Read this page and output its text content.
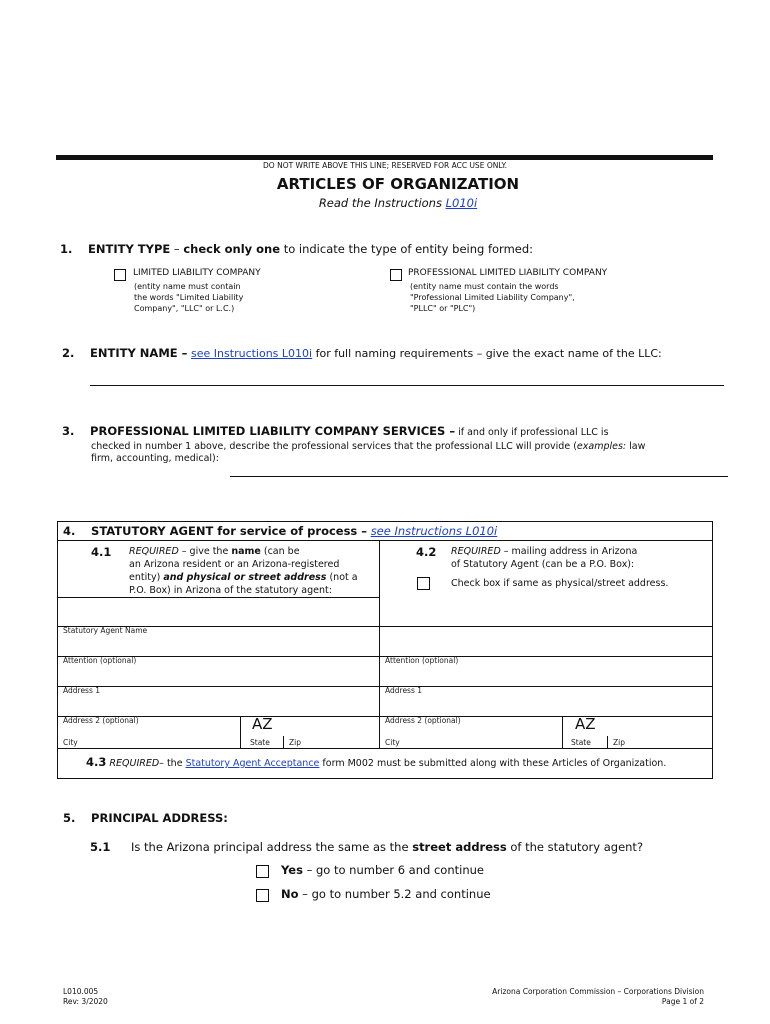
DO NOT WRITE ABOVE THIS LINE; RESERVED FOR ACC USE ONLY.
ARTICLES OF ORGANIZATION
Read the Instructions L010i
1. ENTITY TYPE – check only one to indicate the type of entity being formed:
LIMITED LIABILITY COMPANY
(entity name must contain
the words "Limited Liability
Company", "LLC" or L.C.)
PROFESSIONAL LIMITED LIABILITY COMPANY
(entity name must contain the words
"Professional Limited Liability Company",
"PLLC" or "PLC")
2. ENTITY NAME – see Instructions L010i for full naming requirements – give the exact name of the LLC:
3. PROFESSIONAL LIMITED LIABILITY COMPANY SERVICES – if and only if professional LLC is
checked in number 1 above, describe the professional services that the professional LLC will provide (examples: law
firm, accounting, medical):
4. STATUTORY AGENT for service of process – see Instructions L010i
4.1 REQUIRED – give the name (can be
an Arizona resident or an Arizona-registered
entity) and physical or street address (not a
P.O. Box) in Arizona of the statutory agent:
4.2 REQUIRED – mailing address in Arizona
of Statutory Agent (can be a P.O. Box):
Check box if same as physical/street address.
Statutory Agent Name
Attention (optional)
Address 1
Address 2 (optional)
City
AZ
State	Zip
Attention (optional)
Address 1
Address 2 (optional)
City
AZ
State	Zip
4.3 REQUIRED– the Statutory Agent Acceptance form M002 must be submitted along with these Articles of Organization.
5. PRINCIPAL ADDRESS:
5.1 Is the Arizona principal address the same as the street address of the statutory agent?
Yes – go to number 6 and continue
No – go to number 5.2 and continue
L010.005
Rev: 3/2020
Arizona Corporation Commission – Corporations Division
Page 1 of 2
